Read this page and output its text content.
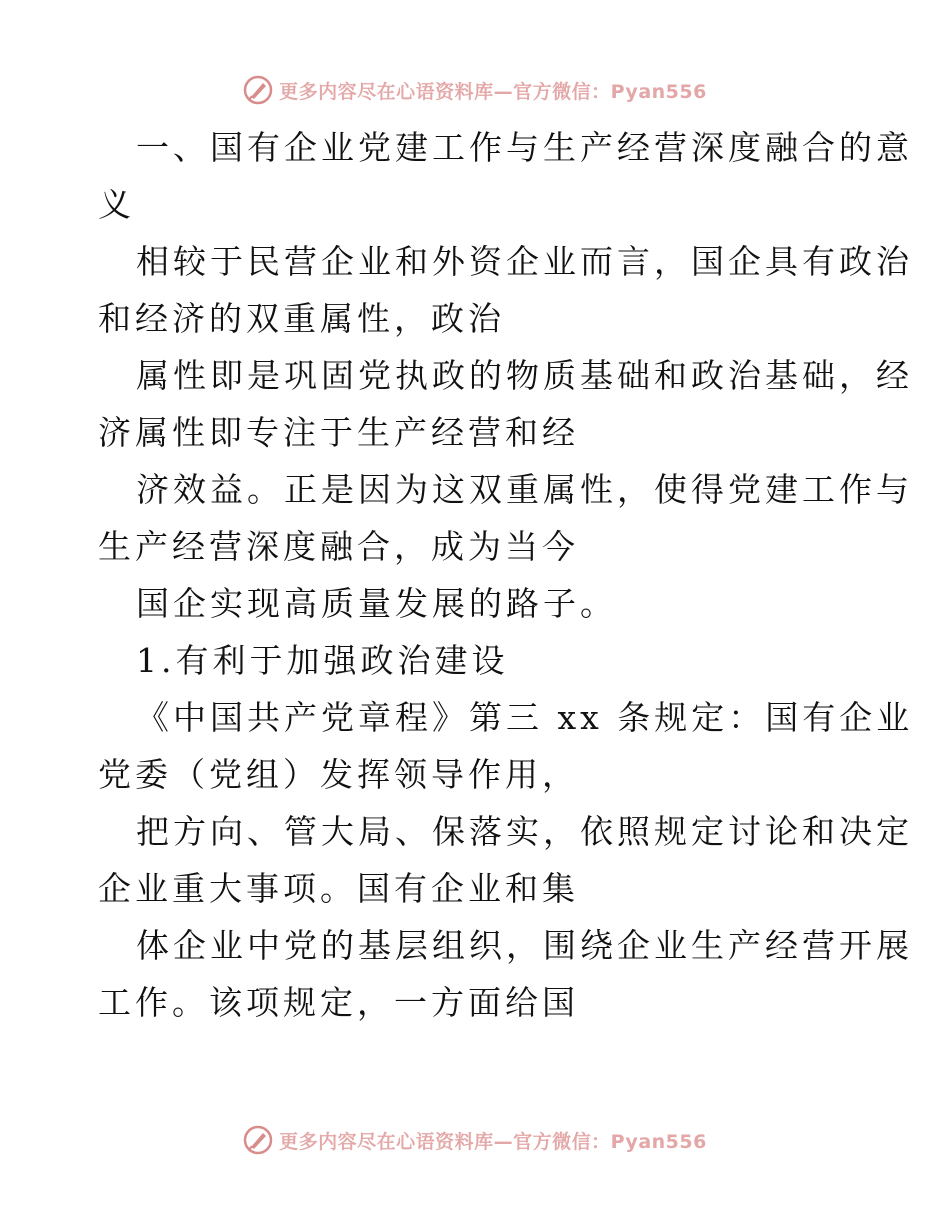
更多内容尽在心语资料库—官方微信：Pyan556

一、国有企业党建工作与生产经营深度融合的意

义

相较于民营企业和外资企业而言，国企具有政治

和经济的双重属性，政治

属性即是巩固党执政的物质基础和政治基础，经

济属性即专注于生产经营和经

济效益。正是因为这双重属性，使得党建工作与

生产经营深度融合，成为当今

国企实现高质量发展的路子。

1.有利于加强政治建设

《中国共产党章程》第三 xx 条规定：国有企业

党委（党组）发挥领导作用，

把方向、管大局、保落实，依照规定讨论和决定

企业重大事项。国有企业和集

体企业中党的基层组织，围绕企业生产经营开展

工作。该项规定，一方面给国

更多内容尽在心语资料库—官方微信：Pyan556
